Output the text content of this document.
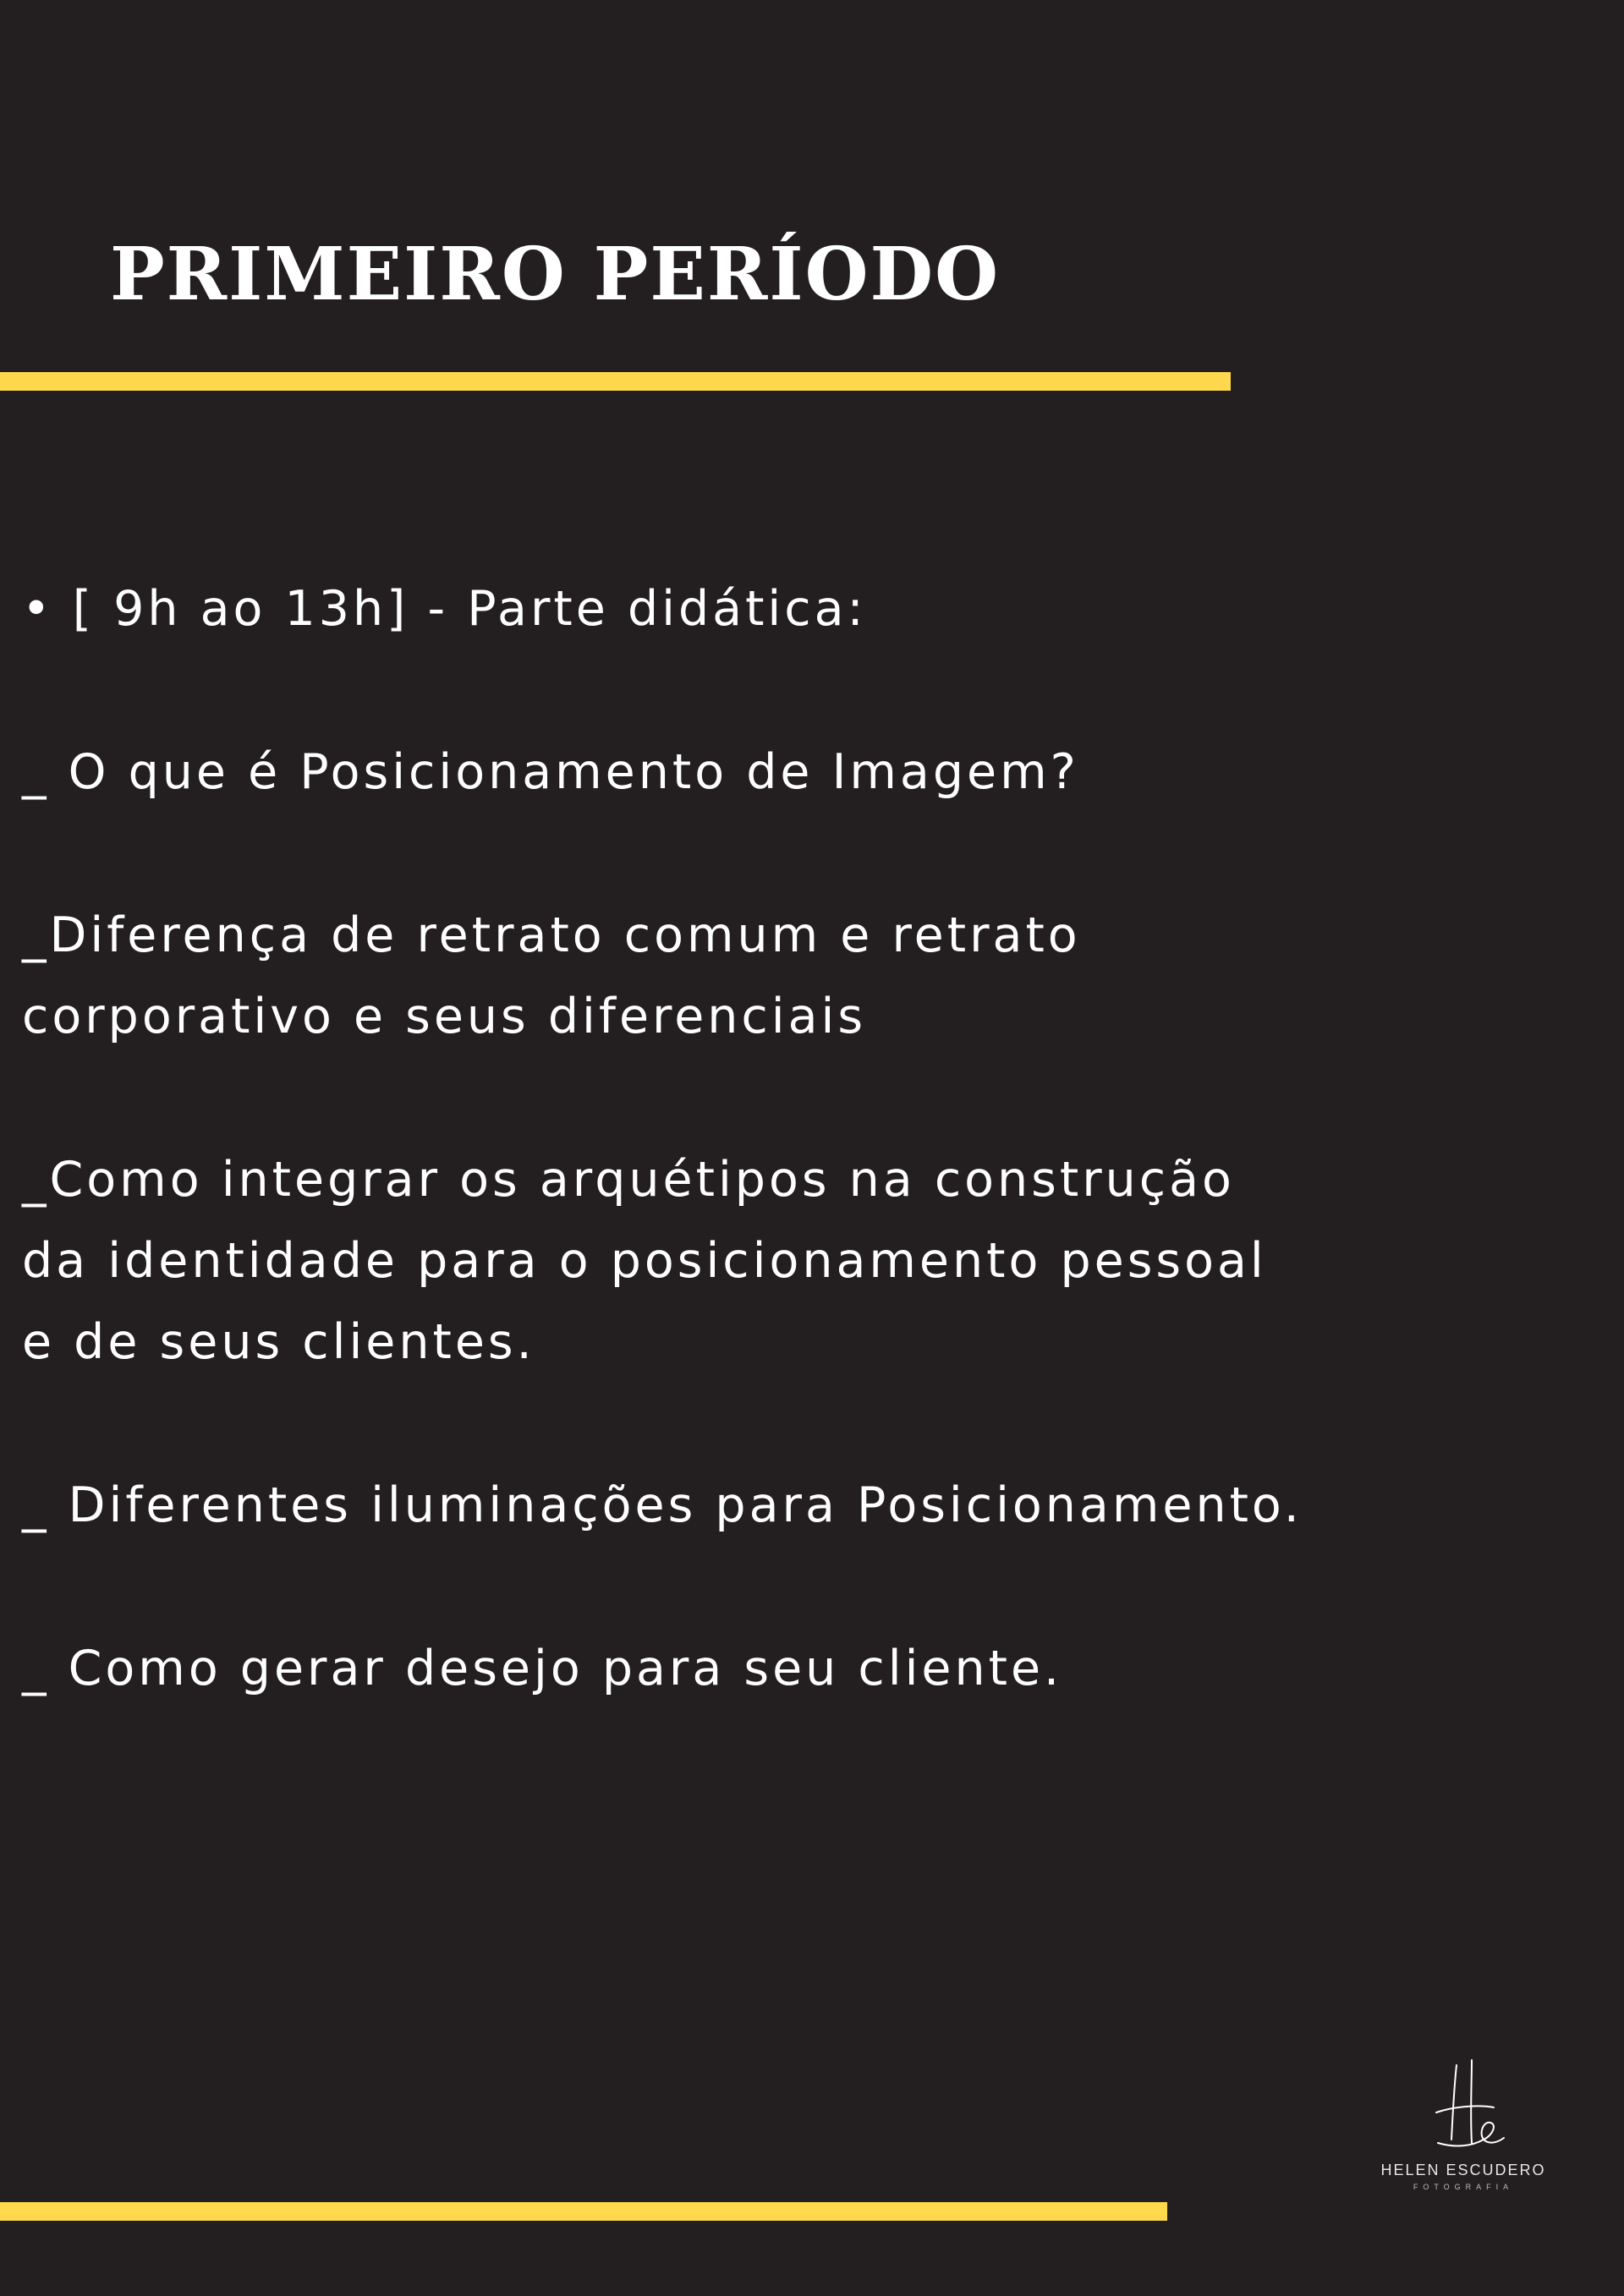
PRIMEIRO PERÍODO

• [ 9h ao 13h] - Parte didática:

_ O que é Posicionamento de Imagem?

_Diferença de retrato comum e retrato
corporativo e seus diferenciais

_Como integrar os arquétipos na construção
da identidade para o posicionamento pessoal
e de seus clientes.

_ Diferentes iluminações para Posicionamento.

_ Como gerar desejo para seu cliente.

HELEN ESCUDERO
FOTOGRAFIA
